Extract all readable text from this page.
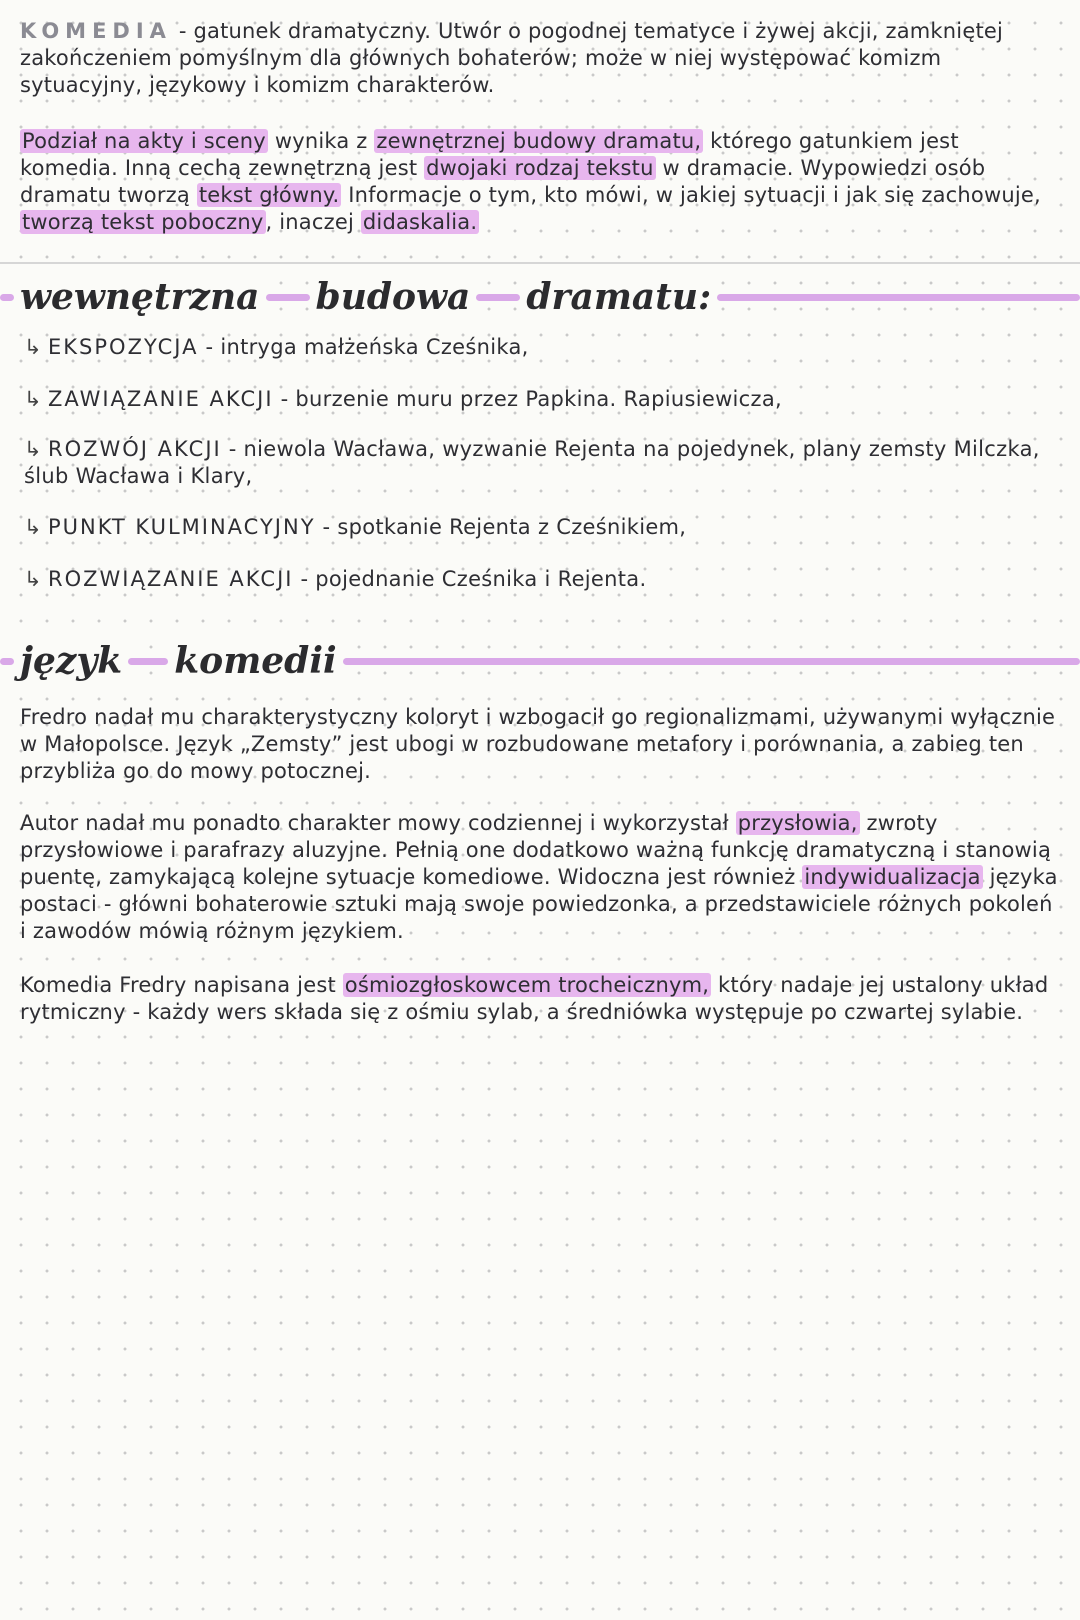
KOMEDIA - gatunek dramatyczny. Utwór o pogodnej tematyce i żywej akcji, zamkniętej zakończeniem pomyślnym dla głównych bohaterów; może w niej występować komizm sytuacyjny, językowy i komizm charakterów.

Podział na akty i sceny wynika z zewnętrznej budowy dramatu, którego gatunkiem jest komedia. Inną cechą zewnętrzną jest dwojaki rodzaj tekstu w dramacie. Wypowiedzi osób dramatu tworzą tekst główny. Informacje o tym, kto mówi, w jakiej sytuacji i jak się zachowuje, tworzą tekst poboczny, inaczej didaskalia.

wewnętrzna budowa dramatu:
↳ EKSPOZYCJA - intryga małżeńska Cześnika,
↳ ZAWIĄZANIE AKCJI - burzenie muru przez Papkina. Rapiusiewicza,
↳ ROZWÓJ AKCJI - niewola Wacława, wyzwanie Rejenta na pojedynek, plany zemsty Milczka, ślub Wacława i Klary,
↳ PUNKT KULMINACYJNY - spotkanie Rejenta z Cześnikiem,
↳ ROZWIĄZANIE AKCJI - pojednanie Cześnika i Rejenta.
język komedii

Fredro nadał mu charakterystyczny koloryt i wzbogacił go regionalizmami, używanymi wyłącznie w Małopolsce. Język „Zemsty” jest ubogi w rozbudowane metafory i porównania, a zabieg ten przybliża go do mowy potocznej.

Autor nadał mu ponadto charakter mowy codziennej i wykorzystał przysłowia, zwroty przysłowiowe i parafrazy aluzyjne. Pełnią one dodatkowo ważną funkcję dramatyczną i stanowią puentę, zamykającą kolejne sytuacje komediowe. Widoczna jest również indywidualizacja języka postaci - główni bohaterowie sztuki mają swoje powiedzonka, a przedstawiciele różnych pokoleń i zawodów mówią różnym językiem.

Komedia Fredry napisana jest ośmiozgłoskowcem trocheicznym, który nadaje jej ustalony układ rytmiczny - każdy wers składa się z ośmiu sylab, a średniówka występuje po czwartej sylabie.
